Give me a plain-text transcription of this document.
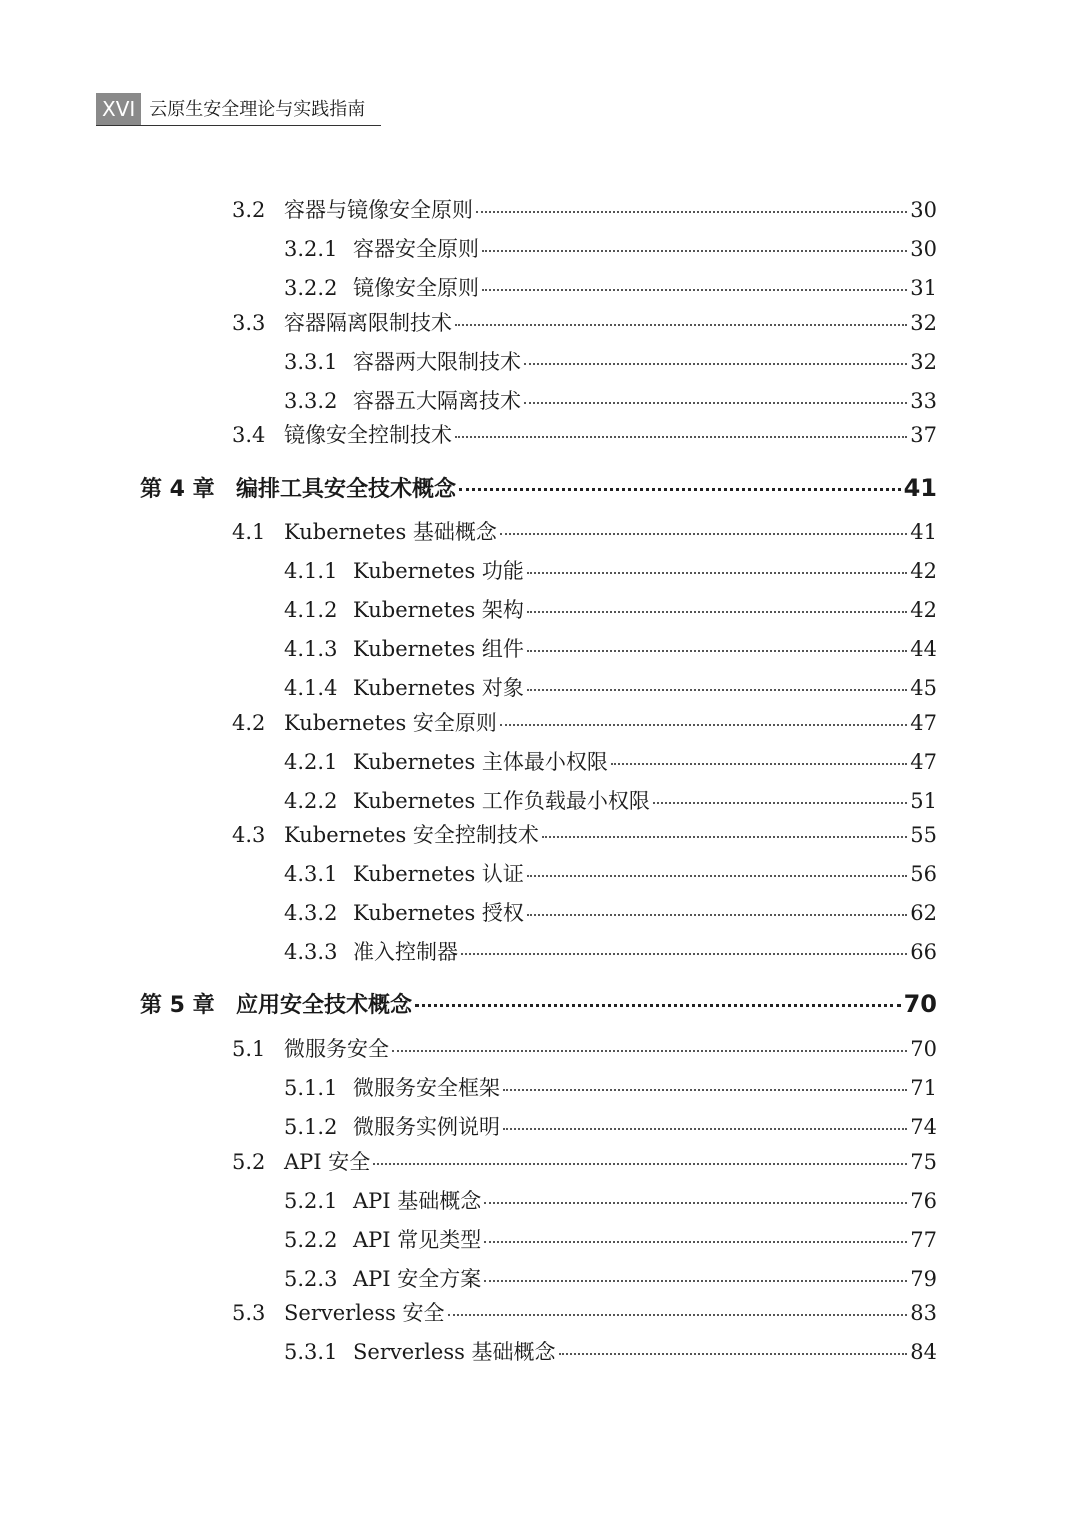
XVI 云原生安全理论与实践指南
3.2 容器与镜像安全原则	30
3.2.1 容器安全原则	30
3.2.2 镜像安全原则	31
3.3 容器隔离限制技术	32
3.3.1 容器两大限制技术	32
3.3.2 容器五大隔离技术	33
3.4 镜像安全控制技术	37
第 4 章 编排工具安全技术概念	41
4.1 Kubernetes 基础概念	41
4.1.1 Kubernetes 功能	42
4.1.2 Kubernetes 架构	42
4.1.3 Kubernetes 组件	44
4.1.4 Kubernetes 对象	45
4.2 Kubernetes 安全原则	47
4.2.1 Kubernetes 主体最小权限	47
4.2.2 Kubernetes 工作负载最小权限	51
4.3 Kubernetes 安全控制技术	55
4.3.1 Kubernetes 认证	56
4.3.2 Kubernetes 授权	62
4.3.3 准入控制器	66
第 5 章 应用安全技术概念	70
5.1 微服务安全	70
5.1.1 微服务安全框架	71
5.1.2 微服务实例说明	74
5.2 API 安全	75
5.2.1 API 基础概念	76
5.2.2 API 常见类型	77
5.2.3 API 安全方案	79
5.3 Serverless 安全	83
5.3.1 Serverless 基础概念	84
